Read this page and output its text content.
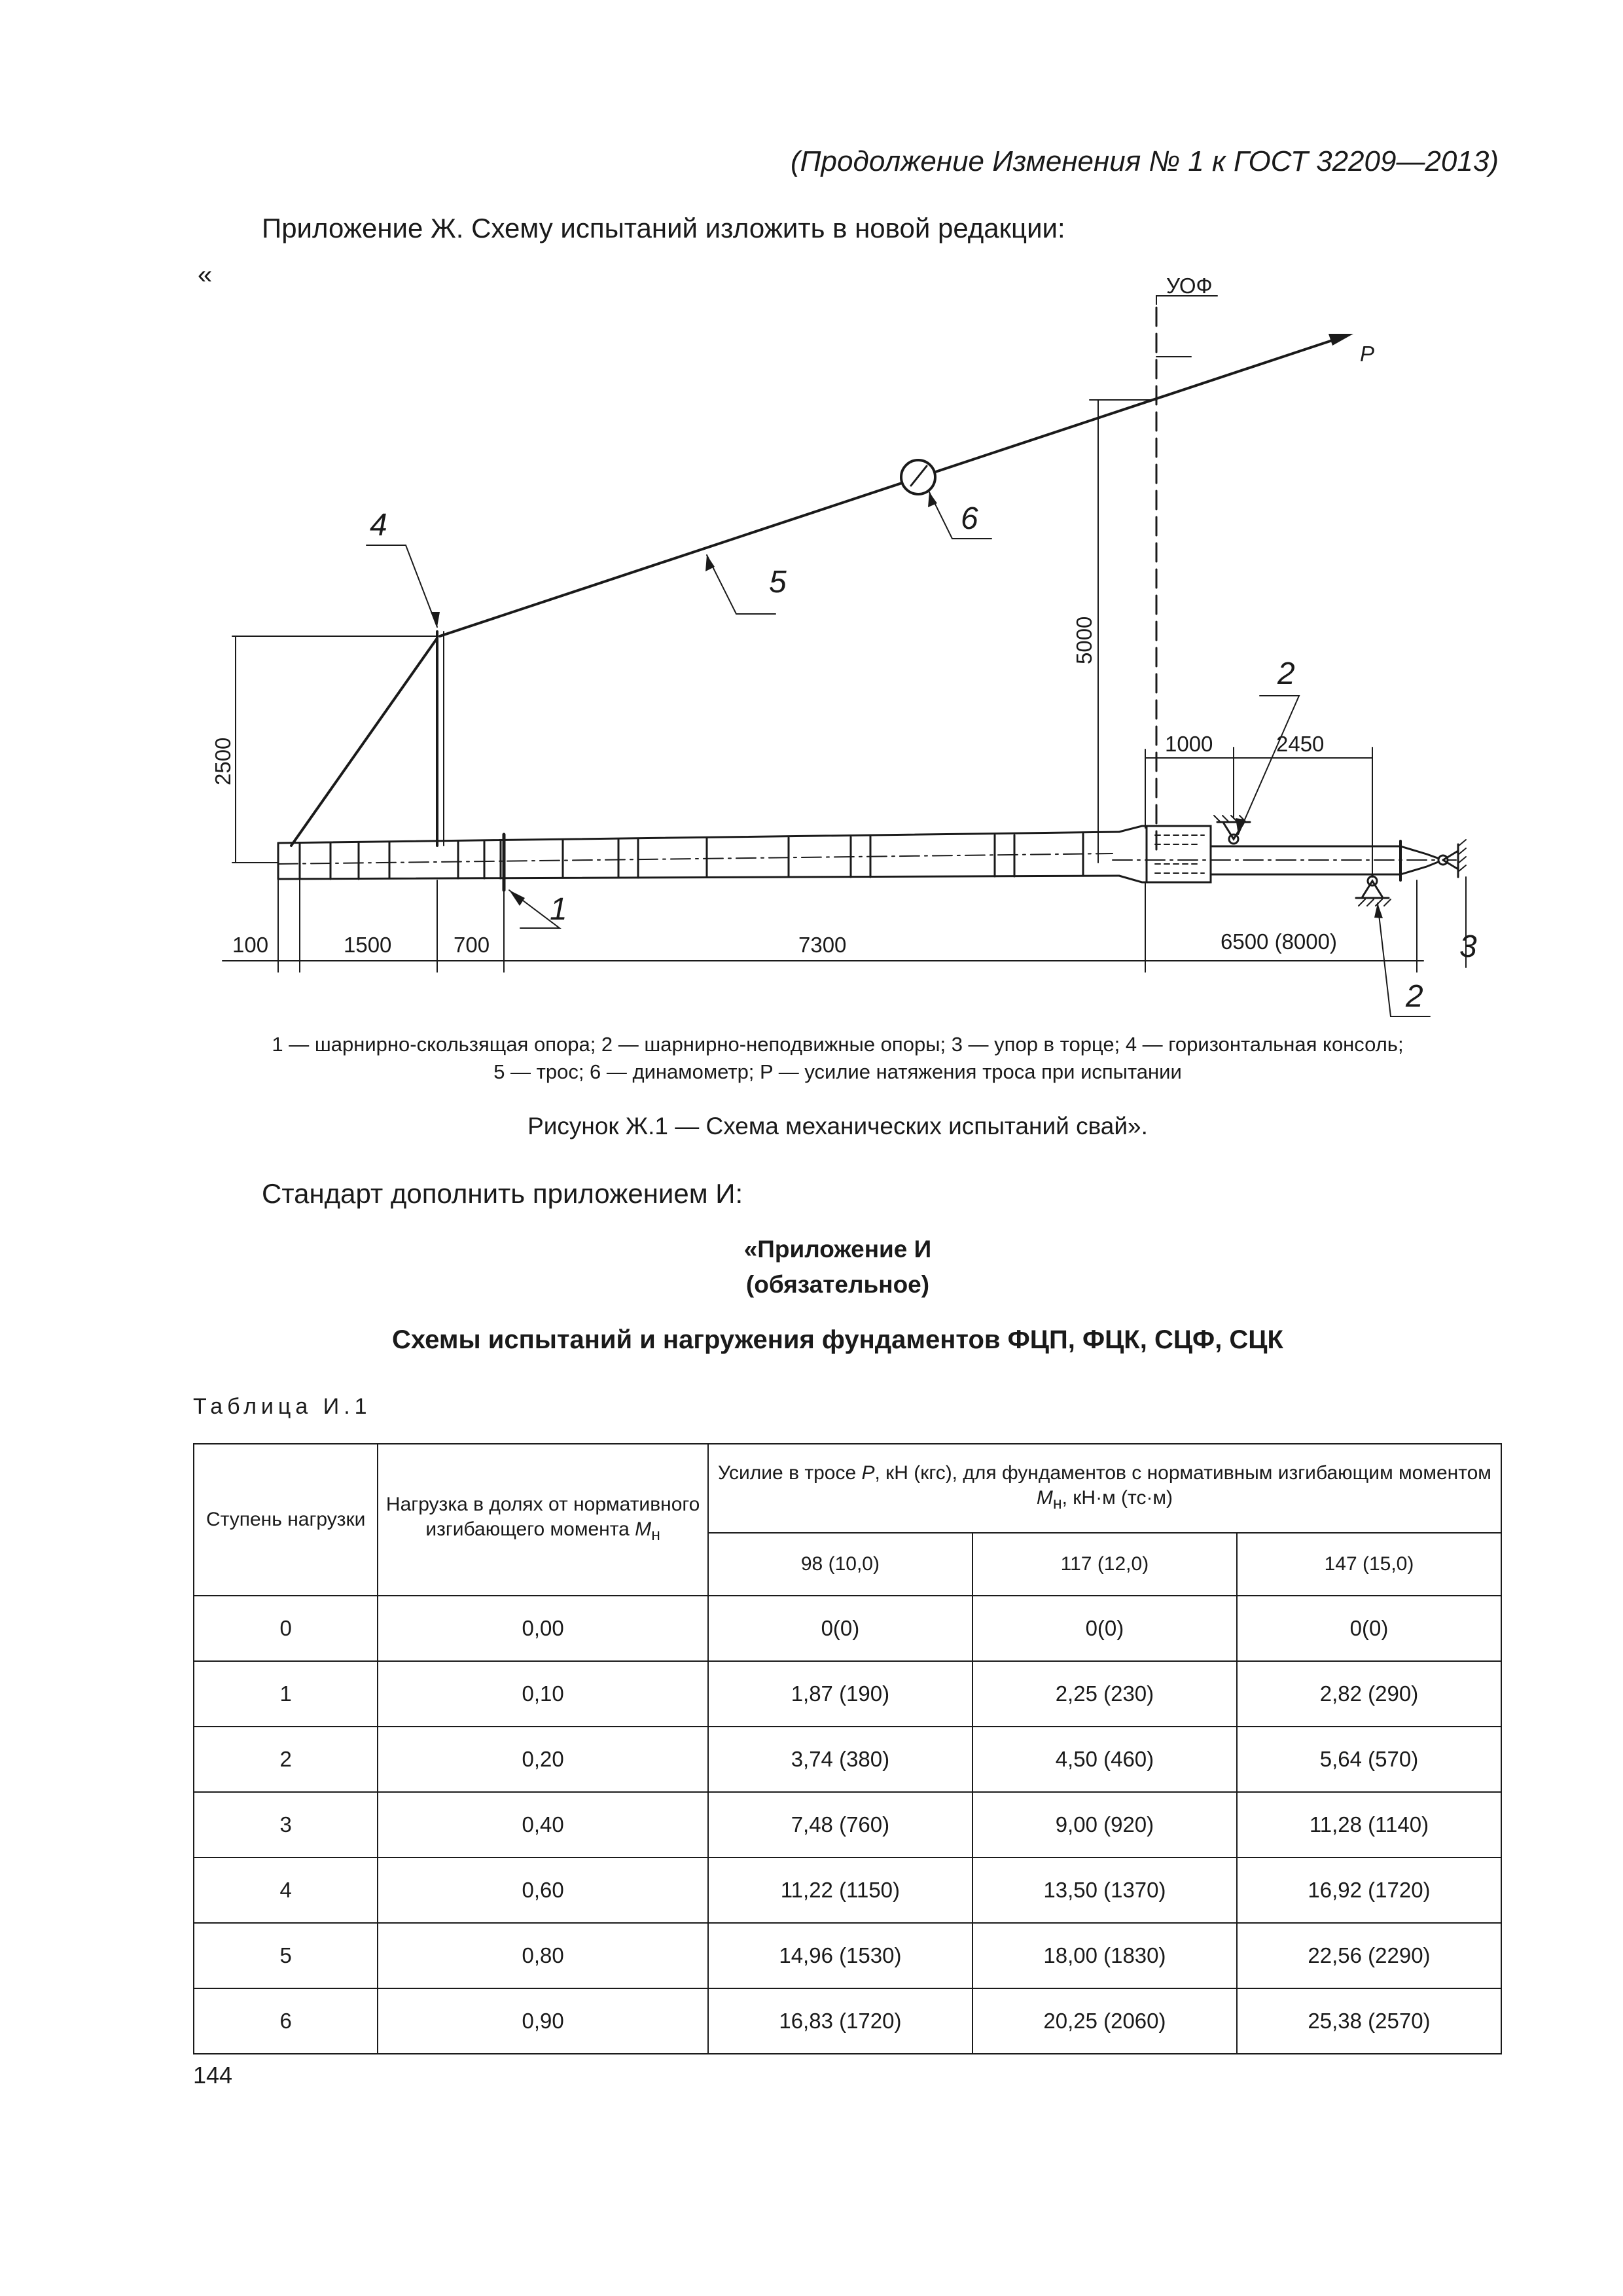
(Продолжение Изменения № 1 к ГОСТ 32209—2013)
Приложение Ж. Схему испытаний изложить в новой редакции:
«	УОФ
P
2500
5000
1000	2450
100	1500	700	7300	6500 (8000)
1
2
2
3
4
5
6
1 — шарнирно-скользящая опора; 2 — шарнирно-неподвижные опоры; 3 — упор в торце; 4 — горизонтальная консоль;
5 — трос; 6 — динамометр; P — усилие натяжения троса при испытании
Рисунок Ж.1 — Схема механических испытаний свай».
Стандарт дополнить приложением И:
«Приложение И
(обязательное)
Схемы испытаний и нагружения фундаментов ФЦП, ФЦК, СЦФ, СЦК
Таблица И.1
Ступень нагрузки	Нагрузка в долях от нормативного изгибающего момента $M_н$	Усилие в тросе P, кН (кгс), для фундаментов с нормативным изгибающим моментом $M_н$, кН·м (тс·м)		
		98 (10,0)	117 (12,0)	147 (15,0)
0	0,00	0(0)	0(0)	0(0)
1	0,10	1,87 (190)	2,25 (230)	2,82 (290)
2	0,20	3,74 (380)	4,50 (460)	5,64 (570)
3	0,40	7,48 (760)	9,00 (920)	11,28 (1140)
4	0,60	11,22 (1150)	13,50 (1370)	16,92 (1720)
5	0,80	14,96 (1530)	18,00 (1830)	22,56 (2290)
6	0,90	16,83 (1720)	20,25 (2060)	25,38 (2570)
144
